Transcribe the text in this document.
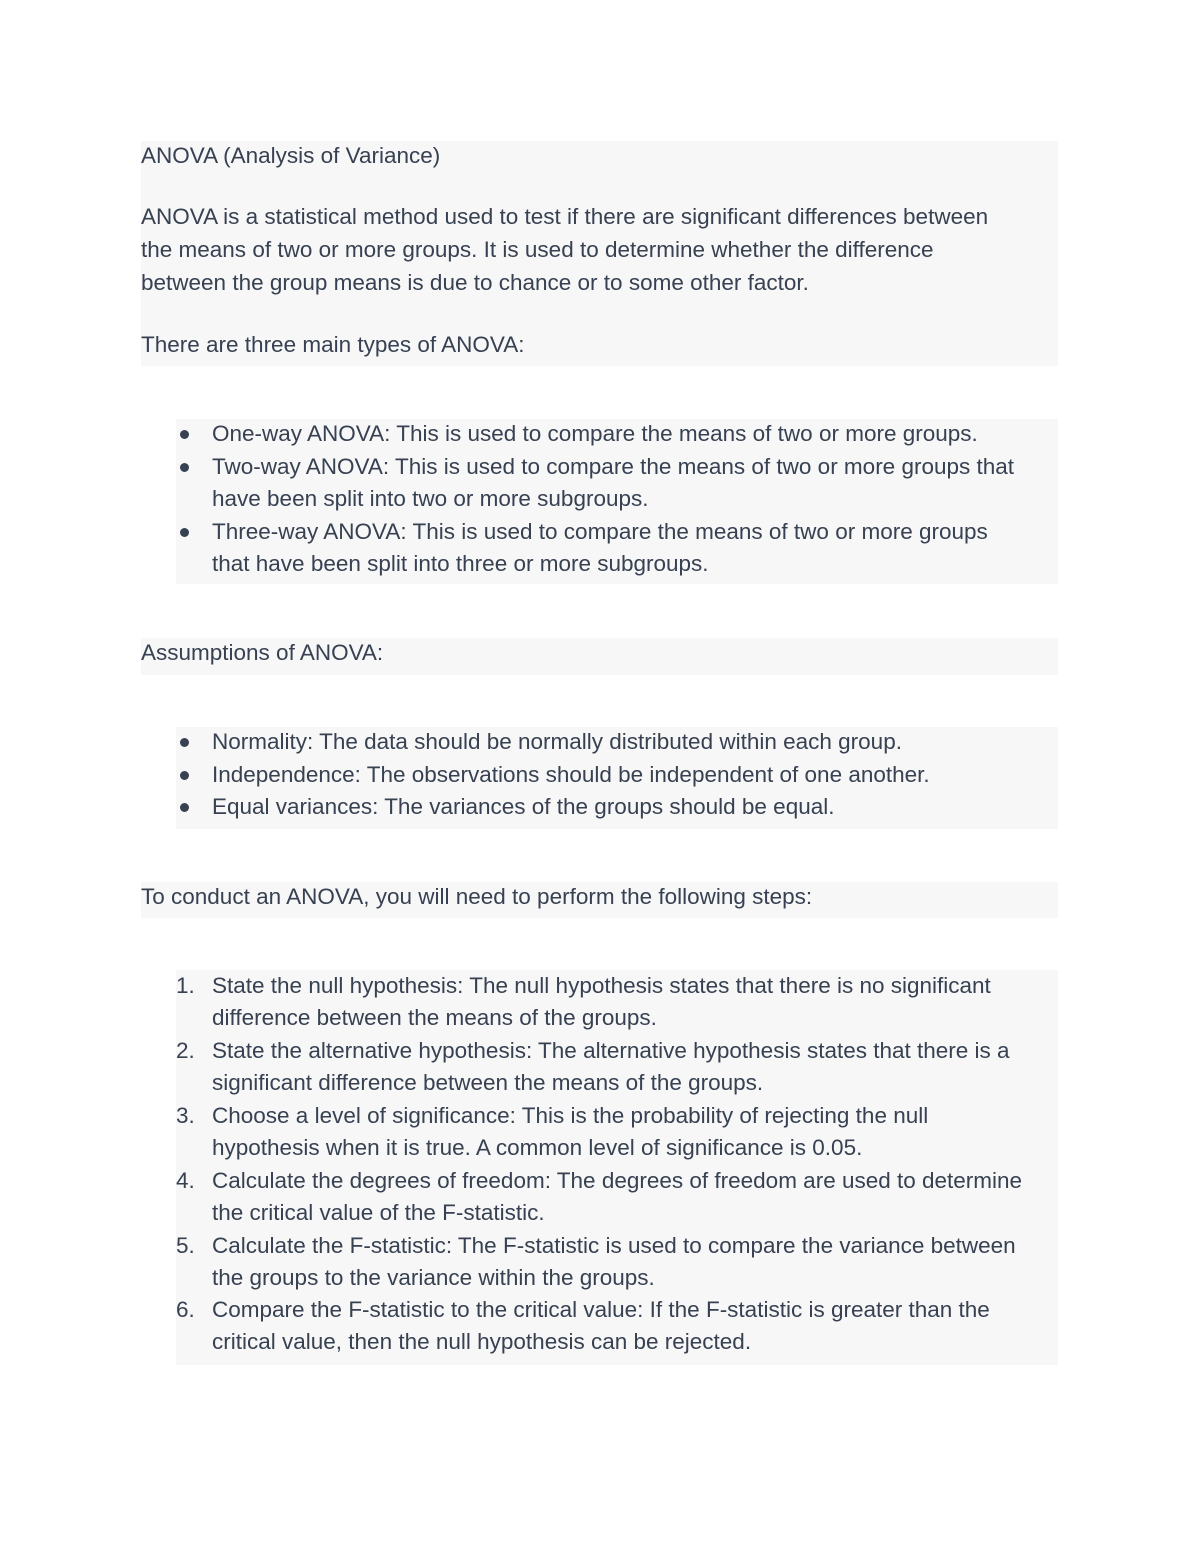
ANOVA (Analysis of Variance)
ANOVA is a statistical method used to test if there are significant differences between
the means of two or more groups. It is used to determine whether the difference
between the group means is due to chance or to some other factor.
There are three main types of ANOVA:
One-way ANOVA: This is used to compare the means of two or more groups.
Two-way ANOVA: This is used to compare the means of two or more groups that
have been split into two or more subgroups.
Three-way ANOVA: This is used to compare the means of two or more groups
that have been split into three or more subgroups.
Assumptions of ANOVA:
Normality: The data should be normally distributed within each group.
Independence: The observations should be independent of one another.
Equal variances: The variances of the groups should be equal.
To conduct an ANOVA, you will need to perform the following steps:
1. State the null hypothesis: The null hypothesis states that there is no significant
difference between the means of the groups.
2. State the alternative hypothesis: The alternative hypothesis states that there is a
significant difference between the means of the groups.
3. Choose a level of significance: This is the probability of rejecting the null
hypothesis when it is true. A common level of significance is 0.05.
4. Calculate the degrees of freedom: The degrees of freedom are used to determine
the critical value of the F-statistic.
5. Calculate the F-statistic: The F-statistic is used to compare the variance between
the groups to the variance within the groups.
6. Compare the F-statistic to the critical value: If the F-statistic is greater than the
critical value, then the null hypothesis can be rejected.
